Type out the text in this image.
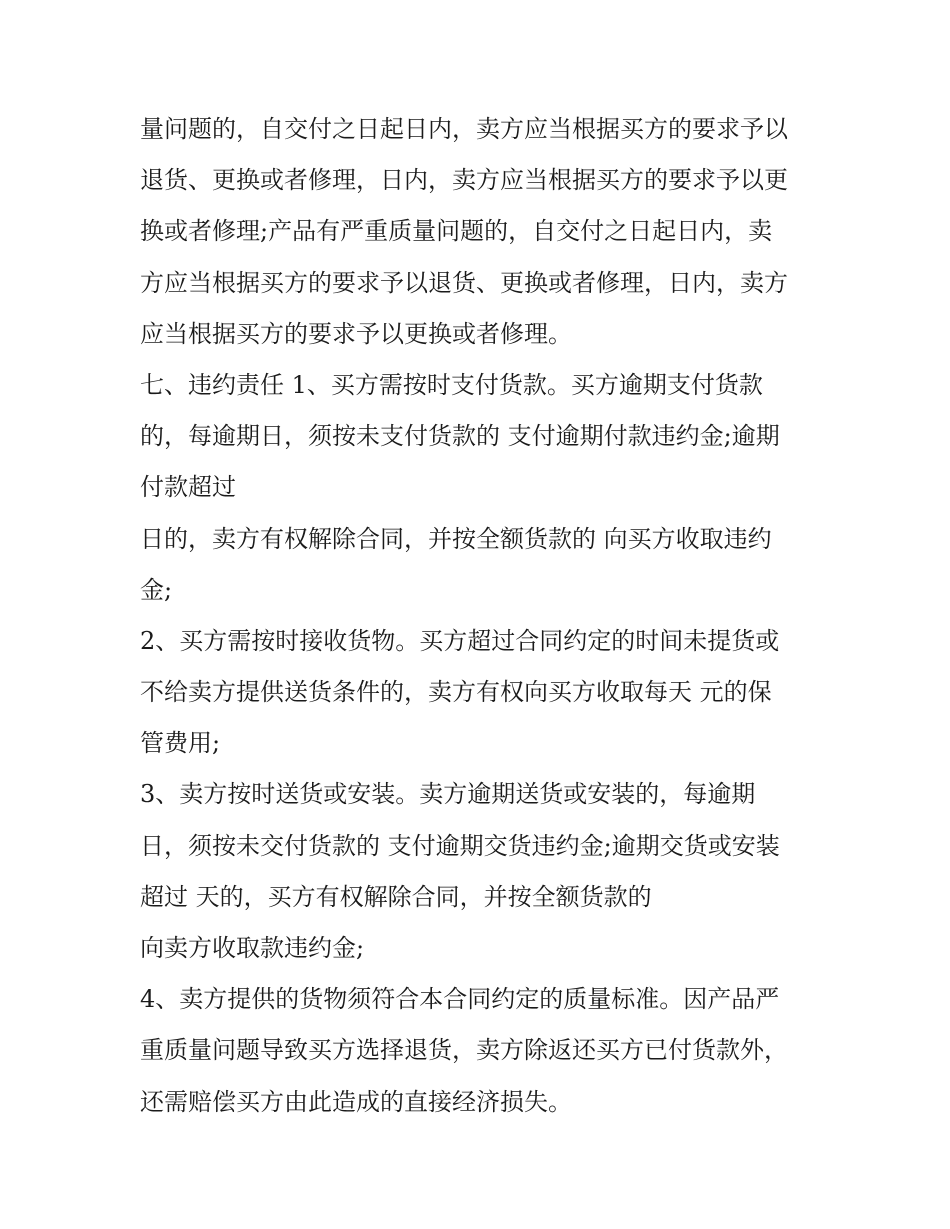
量问题的，自交付之日起日内，卖方应当根据买方的要求予以
退货、更换或者修理，日内，卖方应当根据买方的要求予以更
换或者修理;产品有严重质量问题的，自交付之日起日内，卖
方应当根据买方的要求予以退货、更换或者修理，日内，卖方
应当根据买方的要求予以更换或者修理。
七、违约责任 1、买方需按时支付货款。买方逾期支付货款
的，每逾期日，须按未支付货款的 支付逾期付款违约金;逾期
付款超过
日的，卖方有权解除合同，并按全额货款的 向买方收取违约
金;
2、买方需按时接收货物。买方超过合同约定的时间未提货或
不给卖方提供送货条件的，卖方有权向买方收取每天 元的保
管费用;
3、卖方按时送货或安装。卖方逾期送货或安装的，每逾期
日，须按未交付货款的 支付逾期交货违约金;逾期交货或安装
超过 天的，买方有权解除合同，并按全额货款的
向卖方收取款违约金;
4、卖方提供的货物须符合本合同约定的质量标准。因产品严
重质量问题导致买方选择退货，卖方除返还买方已付货款外，
还需赔偿买方由此造成的直接经济损失。
